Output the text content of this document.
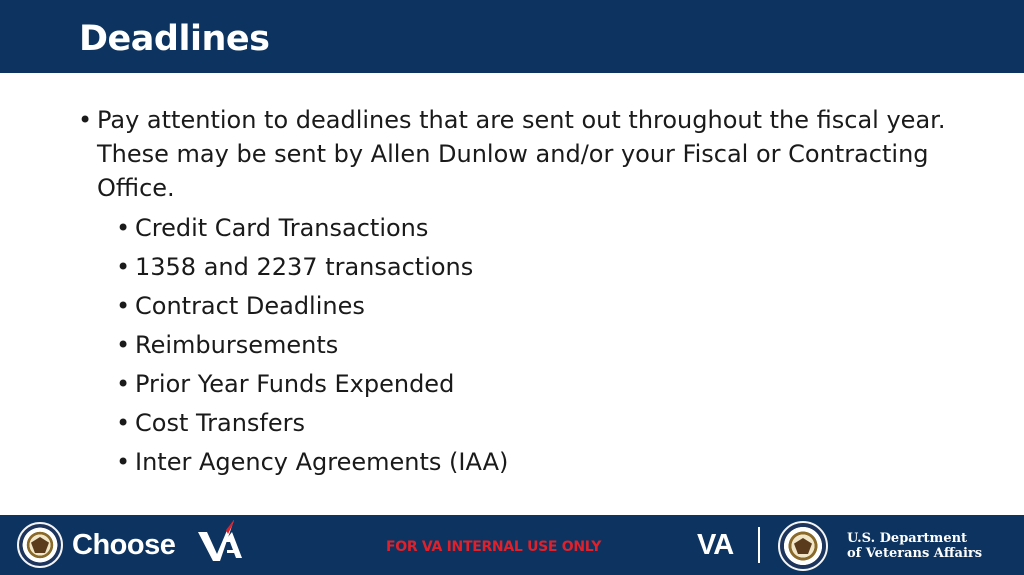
Deadlines
• Pay attention to deadlines that are sent out throughout the fiscal year. These may be sent by Allen Dunlow and/or your Fiscal or Contracting Office.
• Credit Card Transactions
• 1358 and 2237 transactions
• Contract Deadlines
• Reimbursements
• Prior Year Funds Expended
• Cost Transfers
• Inter Agency Agreements (IAA)
Choose	FOR VA INTERNAL USE ONLY	VA	U.S. Department
of Veterans Affairs
